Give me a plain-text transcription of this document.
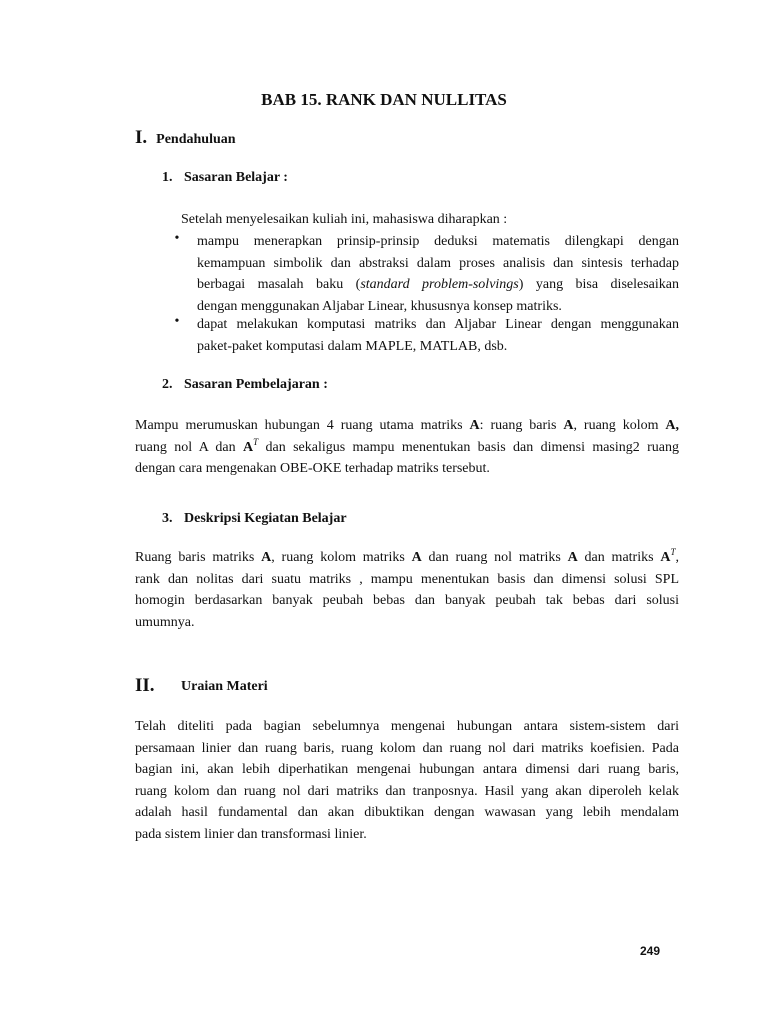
BAB 15. RANK DAN NULLITAS
I. Pendahuluan
1. Sasaran Belajar :
Setelah menyelesaikan kuliah ini, mahasiswa diharapkan :
• mampu menerapkan prinsip-prinsip deduksi matematis dilengkapi dengan
kemampuan simbolik dan abstraksi dalam proses analisis dan sintesis terhadap
berbagai masalah baku (standard problem-solvings) yang bisa diselesaikan
dengan menggunakan Aljabar Linear, khususnya konsep matriks.
• dapat melakukan komputasi matriks dan Aljabar Linear dengan menggunakan
paket-paket komputasi dalam MAPLE, MATLAB, dsb.
2. Sasaran Pembelajaran :
Mampu merumuskan hubungan 4 ruang utama matriks A: ruang baris A, ruang kolom A,
ruang nol A dan $A^T$ dan sekaligus mampu menentukan basis dan dimensi masing2 ruang
dengan cara mengenakan OBE-OKE terhadap matriks tersebut.
3. Deskripsi Kegiatan Belajar
Ruang baris matriks A, ruang kolom matriks A dan ruang nol matriks A dan matriks $A^T$,
rank dan nolitas dari suatu matriks , mampu menentukan basis dan dimensi solusi SPL
homogin berdasarkan banyak peubah bebas dan banyak peubah tak bebas dari solusi
umumnya.
II. Uraian Materi
Telah diteliti pada bagian sebelumnya mengenai hubungan antara sistem-sistem dari
persamaan linier dan ruang baris, ruang kolom dan ruang nol dari matriks koefisien. Pada
bagian ini, akan lebih diperhatikan mengenai hubungan antara dimensi dari ruang baris,
ruang kolom dan ruang nol dari matriks dan tranposnya. Hasil yang akan diperoleh kelak
adalah hasil fundamental dan akan dibuktikan dengan wawasan yang lebih mendalam
pada sistem linier dan transformasi linier.
249
